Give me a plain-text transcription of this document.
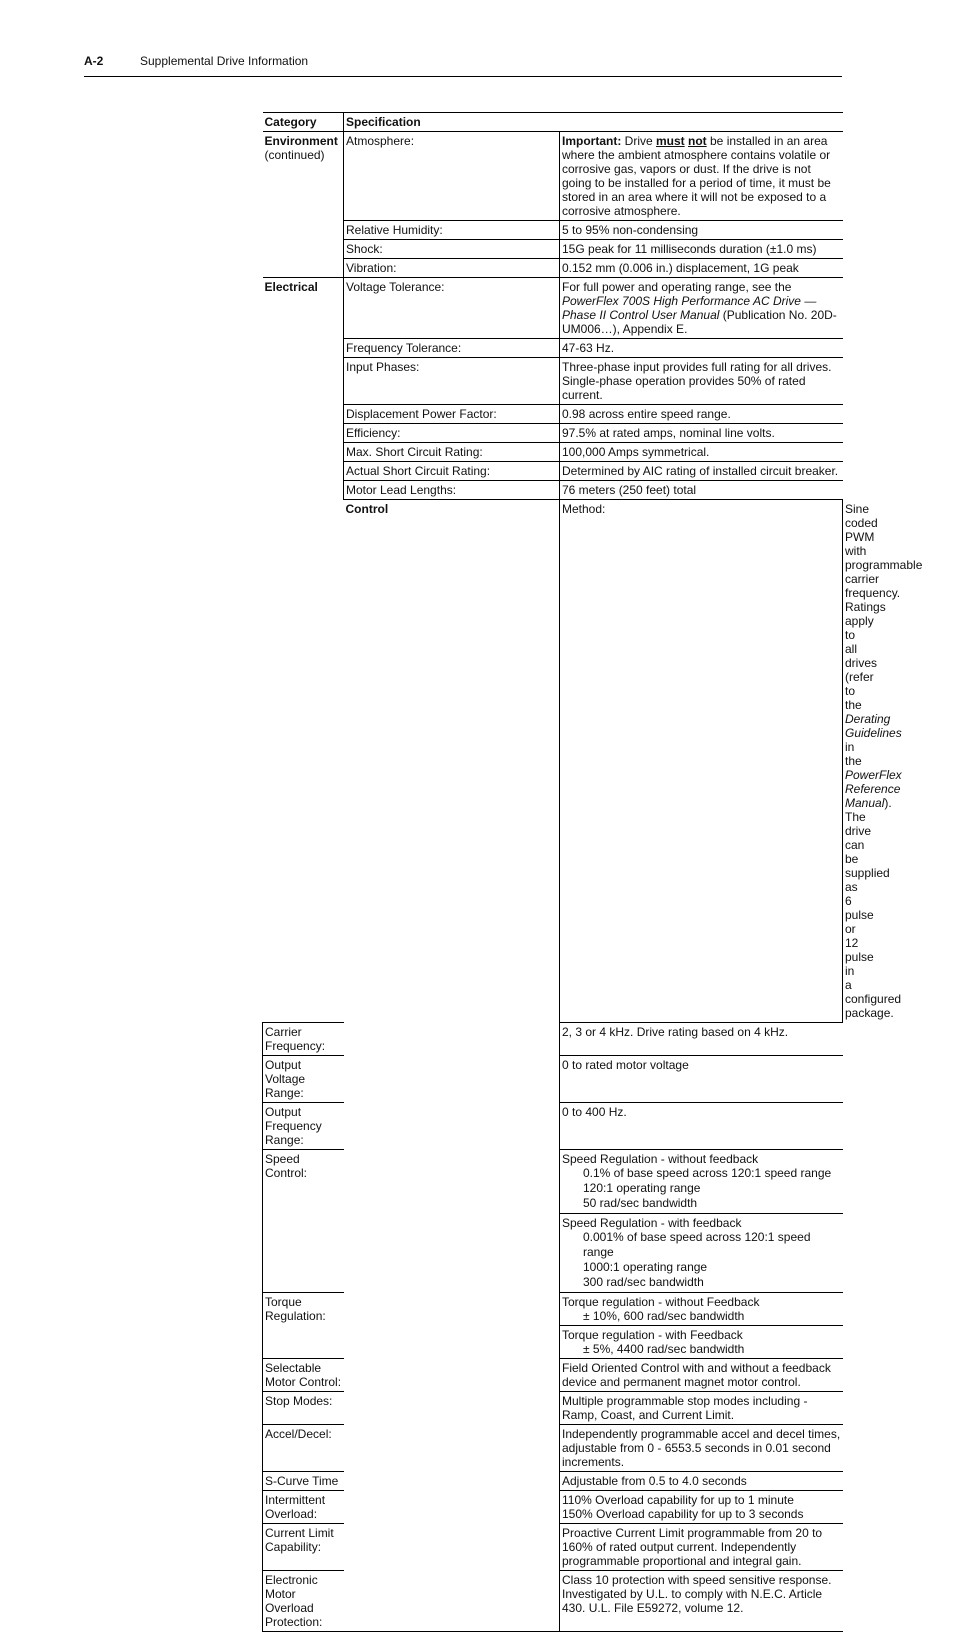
A-2	Supplemental Drive Information
Category	Specification		
Environment
(continued)	Atmosphere:	Important: Drive must not be installed in an area where the ambient atmosphere contains volatile or corrosive gas, vapors or dust. If the drive is not going to be installed for a period of time, it must be stored in an area where it will not be exposed to a corrosive atmosphere.	
	Relative Humidity:	5 to 95% non-condensing	
	Shock:	15G peak for 11 milliseconds duration (±1.0 ms)	
	Vibration:	0.152 mm (0.006 in.) displacement, 1G peak	
Electrical	Voltage Tolerance:	For full power and operating range, see the PowerFlex 700S High Performance AC Drive — Phase II Control User Manual (Publication No. 20D-UM006…), Appendix E.	
	Frequency Tolerance:	47-63 Hz.	
	Input Phases:	Three-phase input provides full rating for all drives. Single-phase operation provides 50% of rated current.	
	Displacement Power Factor:	0.98 across entire speed range.	
	Efficiency:	97.5% at rated amps, nominal line volts.	
	Max. Short Circuit Rating:	100,000 Amps symmetrical.	
	Actual Short Circuit Rating:	Determined by AIC rating of installed circuit breaker.	
	Motor Lead Lengths:	76 meters (250 feet) total	
	Control	Method:	Sine coded PWM with programmable carrier frequency. Ratings apply to all drives (refer to the Derating Guidelines in the PowerFlex Reference Manual). The drive can be supplied as 6 pulse or 12 pulse in a configured package.
Carrier Frequency:		2, 3 or 4 kHz. Drive rating based on 4 kHz.	
Output Voltage Range:		0 to rated motor voltage	
Output Frequency Range:		0 to 400 Hz.	
Speed Control:		Speed Regulation - without feedback
0.1% of base speed across 120:1 speed range
120:1 operating range
50 rad/sec bandwidth	

		Speed Regulation - with feedback
0.001% of base speed across 120:1 speed range
1000:1 operating range
300 rad/sec bandwidth	

Torque Regulation:		Torque regulation - without Feedback
± 10%, 600 rad/sec bandwidth	

		Torque regulation - with Feedback
± 5%, 4400 rad/sec bandwidth	

Selectable Motor Control:		Field Oriented Control with and without a feedback device and permanent magnet motor control.	
Stop Modes:		Multiple programmable stop modes including - Ramp, Coast, and Current Limit.	
Accel/Decel:		Independently programmable accel and decel times, adjustable from 0 - 6553.5 seconds in 0.01 second increments.	
S-Curve Time		Adjustable from 0.5 to 4.0 seconds	
Intermittent Overload:		110% Overload capability for up to 1 minute
150% Overload capability for up to 3 seconds	

Current Limit Capability:		Proactive Current Limit programmable from 20 to 160% of rated output current. Independently programmable proportional and integral gain.	
Electronic Motor Overload Protection:		Class 10 protection with speed sensitive response. Investigated by U.L. to comply with N.E.C. Article 430. U.L. File E59272, volume 12.	
